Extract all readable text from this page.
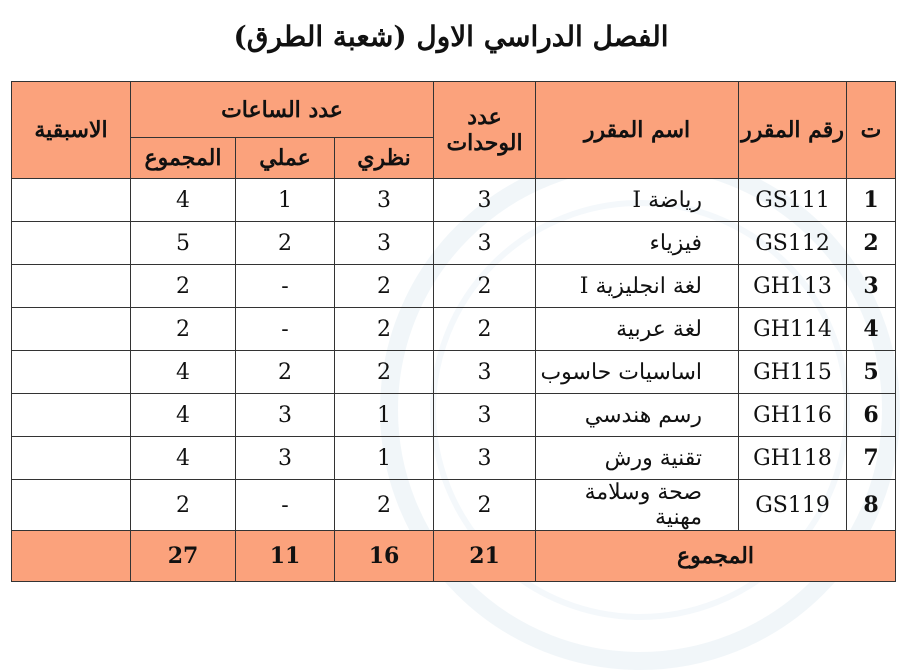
الفصل الدراسي الاول (شعبة الطرق)
ت	رقم المقرر	اسم المقرر	عدد الوحدات	عدد الساعات			الاسبقية
				نظري	عملي	المجموع	
1	GS111	رياضة I	3	3	1	4	
2	GS112	فيزياء	3	3	2	5	
3	GH113	لغة انجليزية I	2	2	-	2	
4	GH114	لغة عربية	2	2	-	2	
5	GH115	اساسيات حاسوب	3	2	2	4	
6	GH116	رسم هندسي	3	1	3	4	
7	GH118	تقنية ورش	3	1	3	4	
8	GS119	صحة وسلامة مهنية	2	2	-	2	
المجموع			21	16	11	27	
